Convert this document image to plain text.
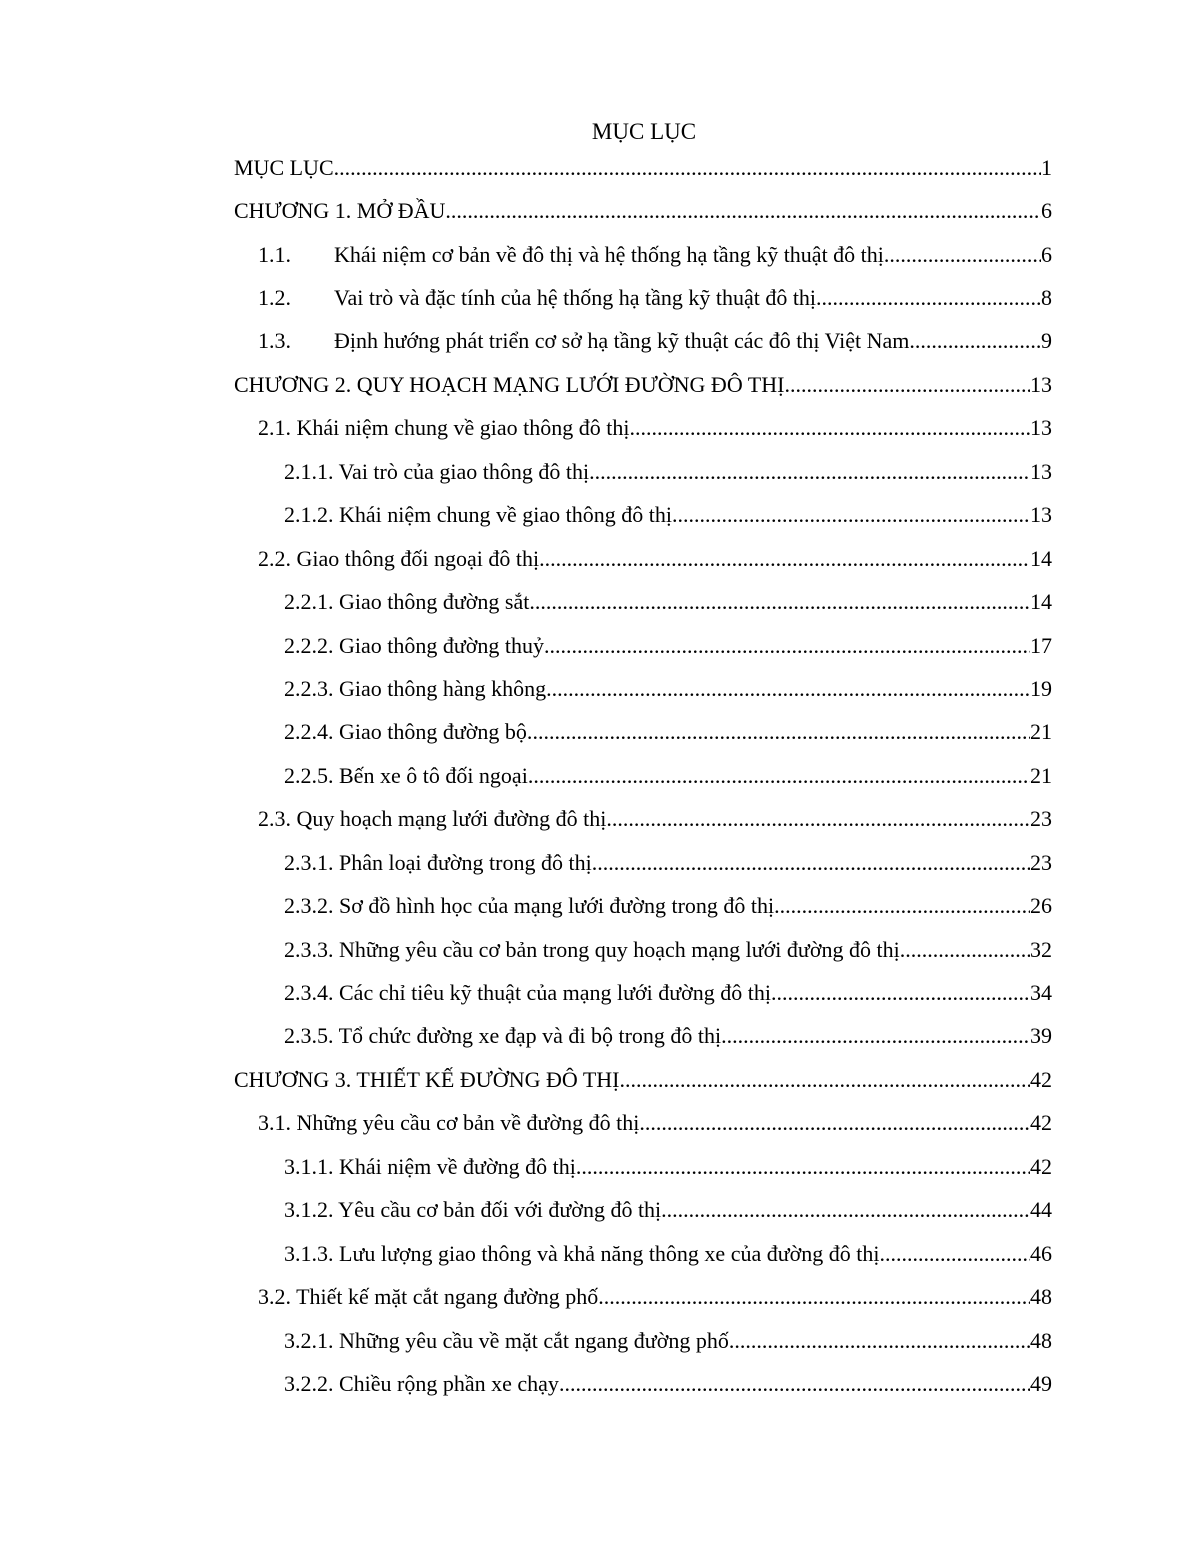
MỤC LỤC
MỤC LỤC .....	1
CHƯƠNG 1. MỞ ĐẦU .....	6
1.1.	Khái niệm cơ bản về đô thị và hệ thống hạ tầng kỹ thuật đô thị .....	6
1.2.	Vai trò và đặc tính của hệ thống hạ tầng kỹ thuật đô thị .....	8
1.3.	Định hướng phát triển cơ sở hạ tầng kỹ thuật các đô thị Việt Nam .....	9
CHƯƠNG 2. QUY HOẠCH MẠNG LƯỚI ĐƯỜNG ĐÔ THỊ .....	13
2.1. Khái niệm chung về giao thông đô thị .....	13
2.1.1. Vai trò của giao thông đô thị .....	13
2.1.2. Khái niệm chung về giao thông đô thị .....	13
2.2. Giao thông đối ngoại đô thị .....	14
2.2.1. Giao thông đường sắt .....	14
2.2.2. Giao thông đường thuỷ. .....	17
2.2.3. Giao thông hàng không .....	19
2.2.4. Giao thông đường bộ. .....	21
2.2.5. Bến xe ô tô đối ngoại .....	21
2.3. Quy hoạch mạng lưới đường đô thị .....	23
2.3.1. Phân loại đường trong đô thị .....	23
2.3.2. Sơ đồ hình học của mạng lưới đường trong đô thị .....	26
2.3.3. Những yêu cầu cơ bản trong quy hoạch mạng lưới đường đô thị .....	32
2.3.4. Các chỉ tiêu kỹ thuật của mạng lưới đường đô thị .....	34
2.3.5. Tổ chức đường xe đạp và đi bộ trong đô thị .....	39
CHƯƠNG 3. THIẾT KẾ ĐƯỜNG ĐÔ THỊ .....	42
3.1. Những yêu cầu cơ bản về đường đô thị .....	42
3.1.1. Khái niệm về đường đô thị .....	42
3.1.2. Yêu cầu cơ bản đối với đường đô thị .....	44
3.1.3. Lưu lượng giao thông và khả năng thông xe của đường đô thị .....	46
3.2. Thiết kế mặt cắt ngang đường phố .....	48
3.2.1. Những yêu cầu về mặt cắt ngang đường phố .....	48
3.2.2. Chiều rộng phần xe chạy .....	49
